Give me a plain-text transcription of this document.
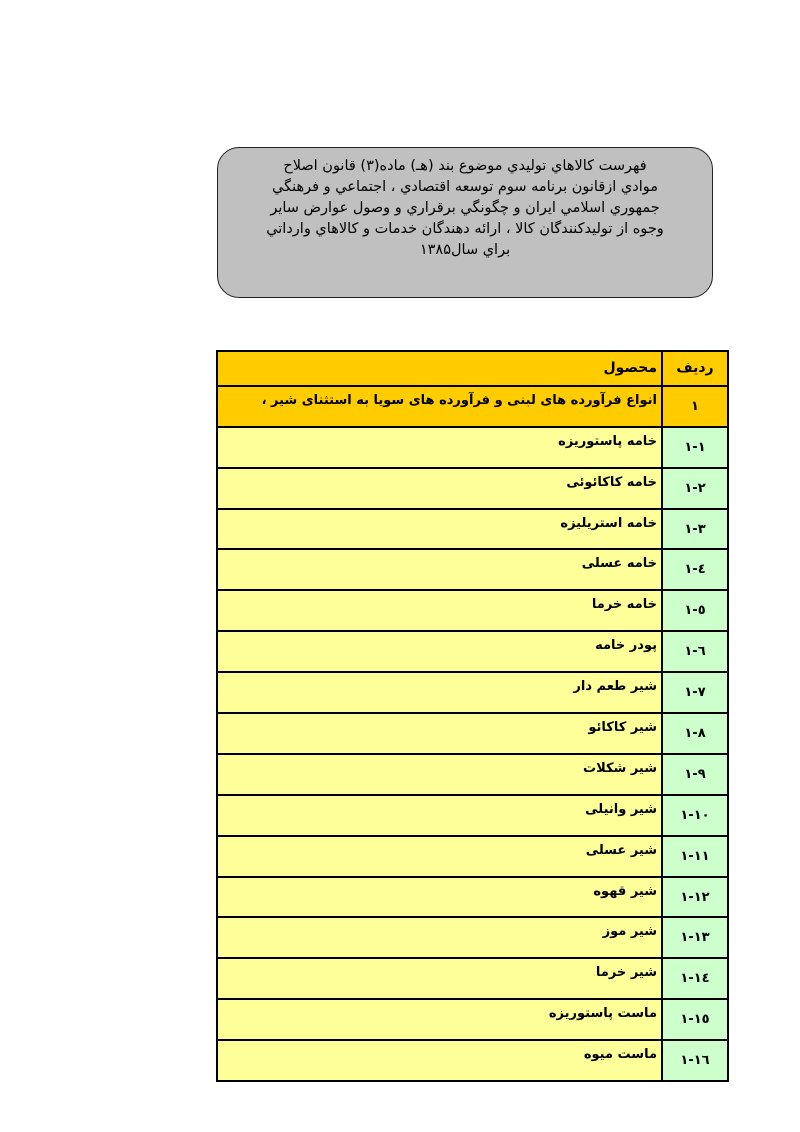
فهرست كالاهاي توليدي موضوع بند (هـ) ماده(۳) قانون اصلاح
موادي ازقانون برنامه سوم توسعه اقتصادي ، اجتماعي و فرهنگي
جمهوري اسلامي ايران و چگونگي برقراري و وصول عوارض ساير
وجوه از توليدكنندگان كالا ، ارائه دهندگان خدمات و كالاهاي وارداتي
براي سال۱۳۸۵

رديف	محصول
۱	انواع فرآورده های لبنی و فرآورده های سويا به استثنای شير ،
۱-۱	خامه پاستوريزه
۱-۲	خامه کاکائوئی
۱-۳	خامه استريليزه
۱-٤	خامه عسلی
۱-٥	خامه خرما
۱-٦	پودر خامه
۱-۷	شير طعم دار
۱-۸	شير کاکائو
۱-۹	شير شکلات
۱-۱۰	شير وانيلی
۱-۱۱	شير عسلی
۱-۱۲	شير قهوه
۱-۱۳	شير موز
۱-۱٤	شير خرما
۱-۱٥	ماست پاستوريزه
۱-۱٦	ماست ميوه
